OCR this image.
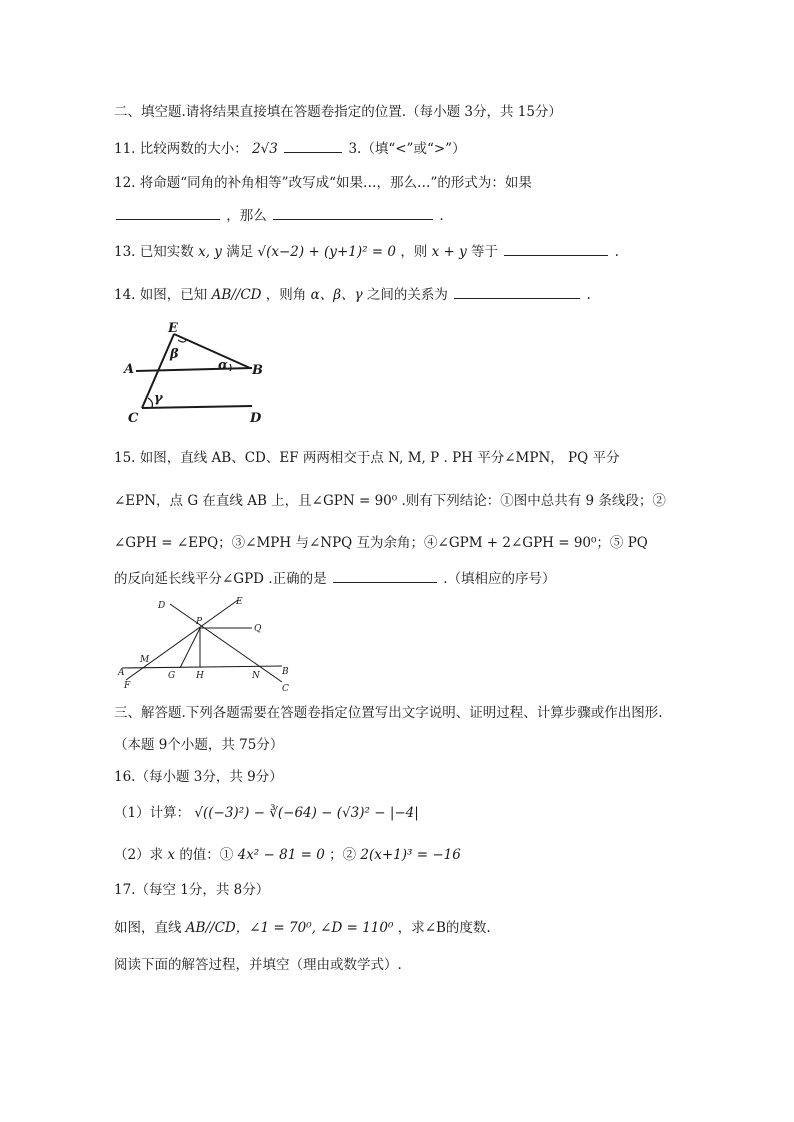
二、填空题.请将结果直接填在答题卷指定的位置.（每小题 3分，共 15分）
11. 比较两数的大小： 2√3	3.（填“<”或“>”）
12. 将命题“同角的补角相等”改写成“如果…，那么…”的形式为：如果
，那么	.
13. 已知实数 x, y 满足 √(x−2) + (y+1)² = 0 ，则 x + y 等于	.
14. 如图，已知 AB//CD ，则角 α、β、γ 之间的关系为	.
E
A	B
C	D
α
β
γ
15. 如图，直线 AB、CD、EF 两两相交于点 N, M, P . PH 平分∠MPN， PQ 平分
∠EPN，点 G 在直线 AB 上，且∠GPN = 90⁰ .则有下列结论：①图中总共有 9 条线段；②
∠GPH = ∠EPQ；③∠MPH 与∠NPQ 互为余角；④∠GPM + 2∠GPH = 90⁰；⑤ PQ
的反向延长线平分∠GPD .正确的是	.（填相应的序号）
D	E
P
Q
M
A
F
G H	N B
C
三、解答题.下列各题需要在答题卷指定位置写出文字说明、证明过程、计算步骤或作出图形.
（本题 9个小题，共 75分）
16.（每小题 3分，共 9分）
（1）计算： √((−3)²) − ∛(−64) − (√3)² − |−4|
（2）求 x 的值：① 4x² − 81 = 0 ；② 2(x+1)³ = −16
17.（每空 1分，共 8分）
如图，直线 AB//CD，∠1 = 70⁰, ∠D = 110⁰ ，求∠B的度数.
阅读下面的解答过程，并填空（理由或数学式）.
